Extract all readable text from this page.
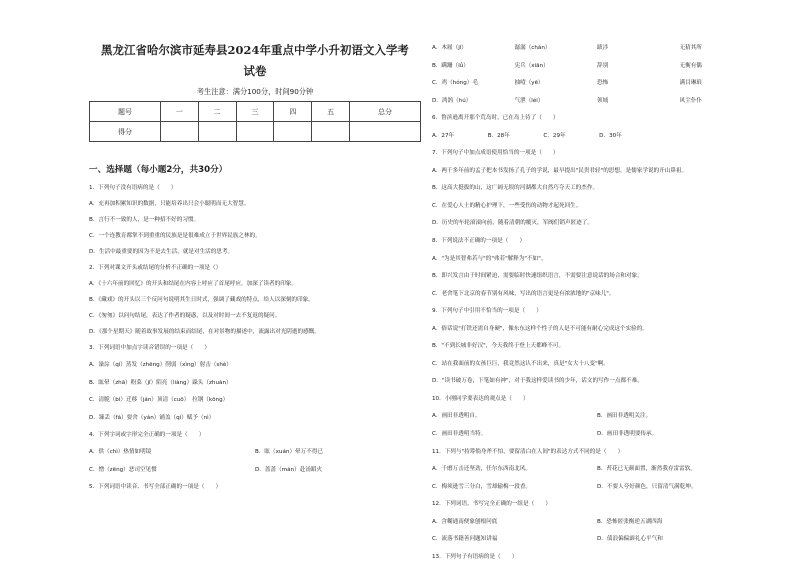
黑龙江省哈尔滨市延寿县2024年重点中学小升初语文入学考
试卷
考生注意：满分100分，时间90分钟
题号	一	二	三	四	五	总分
得分						
一、选择题（每小题2分，共30分）
1．下列句子没有语病的是（　　）
A．充再加积累知识的数据，只能培养出只会小聪明而无大智慧。
B．言行不一致的人，是一种招不好的习惯。
C．一个连教育都掌不到重重的民族是是很难成立于世界民族之林的。
D．生活中最重要的因为不是去生活，就是对生活的思考。
2．下列对课文开头或结尾的分析不正确的一项是（）
A．《十六年前的回忆》的开头和结尾在内容上呼应了首尾呼应，加深了读者的印象。
B．《藏戏》的开头以三个反问句说明其生日时式，强调了藏戏的特点，给人以深刻的印象。
C．《匆匆》以问句结尾，表达了作者的疑惑，以及对时间一去不复返的疑问。
D．《那个星期天》随着故事发展的结束而结尾，在对景物的描述中，流露出对光阴逝的感慨。
3．下列词语中加点字读音错误的一项是（　　）
A．澡淙（qí）蒸发（zhēng）削弱（xìng）射击（shè）
B．眩晕（zhā）粉菜（jǐ）陌亮（liàng）跺头（zhuàn）
C．清脆（bì）迁移（ján）顶清（cuō）　拉钢（kōng）
D．臻丢（fá）要舍（yán）铺盖（qí）赋予（nì）
4．下列字词或字形完全正确的一项是（　　）
A．供（chì）热情如明镜	B．眩（xuán）晕万不得已
C．憎（zēng）恶司空见惯	D．蔷蔷（mán）赴汤蹈火
5．下列词语中读音、书写全部正确的一项是（　　）
A．木屐（jī）	潺潺（chán）	跋涉	无猜其所
B．蹒跚（lǚ）	宪兵（xiān）	辞别	无衡有偶
C．鸡（hóng）毛	抽噎（yē）	恐怖	满目琳琅
D．鸿鹄（hú）	气泄（léi）	领域	风尘仆仆
6．鲁滨逊离开那个荒岛时，已在岛上待了（　　）
A．27年　　　　　　B．28年　　　　　　C．29年　　　　　　D．30年
7．下列句子中加点成语使用恰当的一项是（　　）
A．两千多年前的孟子把本书发扬了孔子的学说，最早提出"民贵君轻"的思想，是儒家学说的开山鼻祖。
B．这高大挺拔的山，这广阔无垠的河湖都大自然巧夺天工的杰作。
C．在爱心人士的精心护理下，一些受伤的动物才起死回生。
D．历史的车轮滚滚向前，随着清朝的覆灭，军阀们销声匿迹了。
8．下列说法不正确的一项是（　　）
A．"为是其智弗若与"的"弗若"解释为"不如"。
B．即兴发言由于时间紧迫，需要临时快速组织语言，不需要注意说话的场合和对象。
C．老舍笔下北京的春节别有风味，写出的语言更是有浓浓地的"京味儿"。
9．下列句子中引用不恰当的一项是（　　）
A．俗话说"打铁还需自身硬"，像东东这样个性子的人是不可能有耐心完成这个实验的。
B．"不到长城非好汉"，今天我终于登上天都峰不可。
C．站在我面前的女孩巨巨，我竟然这认不出来，真是"女大十八变"啊。
D．"读书破万卷，下笔如有神"，对于我这样爱读书的少年，话文的写作一点都不难。
10．小刚同学要表达的观点是（　　）
A．画田非透明自。	B．画田非透明关注。
C．画田非透明当特。	D．画田非透明要传承。
11．下列与"持筹倘身斧不怕，要留清白在人间"的表达方式不同的是（　　）
A．千磨万击还坚劲，任尔东西南北风。	B．苔花已无颜面置，渐然我存雷雷软。
C．梅须逊雪三分白，雪却输梅一段香。	D．不要人夸好颜色，只留清气满乾坤。
12．下列词语，书写完全正确的一组是（　　）
A．含糊通南便象刨根问底	B．恐怖匿张衡逆五湖四海
C．流落书籍善问题知讲福	D．债浪偏偏霹礼心平气和
13．下列句子有语病的是（　　）
